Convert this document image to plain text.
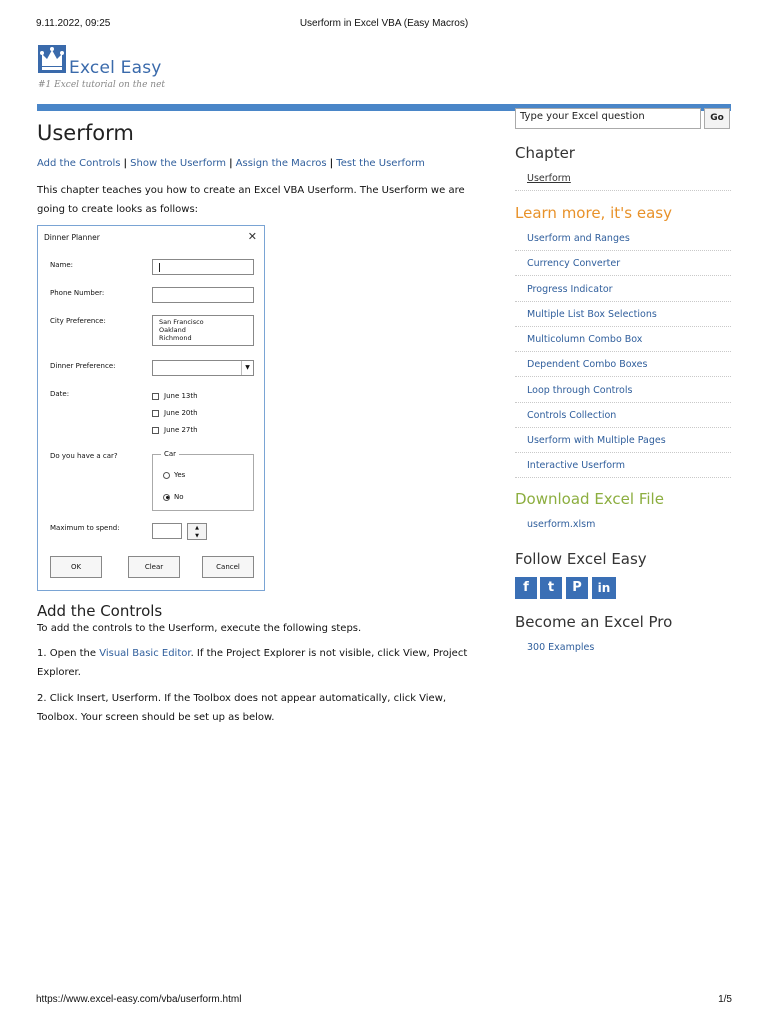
9.11.2022, 09:25	Userform in Excel VBA (Easy Macros)
Excel Easy
#1 Excel tutorial on the net
Type your Excel question	Go
Userform
Add the Controls | Show the Userform | Assign the Macros | Test the Userform

This chapter teaches you how to create an Excel VBA Userform. The Userform we are going to create looks as follows:

Dinner Planner	✕
Name:
Phone Number:
City Preference:	San Francisco
Oakland
Richmond
Dinner Preference:	▼
Date:	June 13th
June 20th
June 27th
Do you have a car?	Car
Yes
No
Maximum to spend:	▲
▼
OK	Clear	Cancel
Add the Controls

To add the controls to the Userform, execute the following steps.

1. Open the Visual Basic Editor. If the Project Explorer is not visible, click View, Project Explorer.

2. Click Insert, Userform. If the Toolbox does not appear automatically, click View, Toolbox. Your screen should be set up as below.

Chapter
Userform
Learn more, it's easy
Userform and Ranges
Currency Converter
Progress Indicator
Multiple List Box Selections
Multicolumn Combo Box
Dependent Combo Boxes
Loop through Controls
Controls Collection
Userform with Multiple Pages
Interactive Userform
Download Excel File
userform.xlsm
Follow Excel Easy
f	t	P	in
Become an Excel Pro
300 Examples
https://www.excel-easy.com/vba/userform.html	1/5
